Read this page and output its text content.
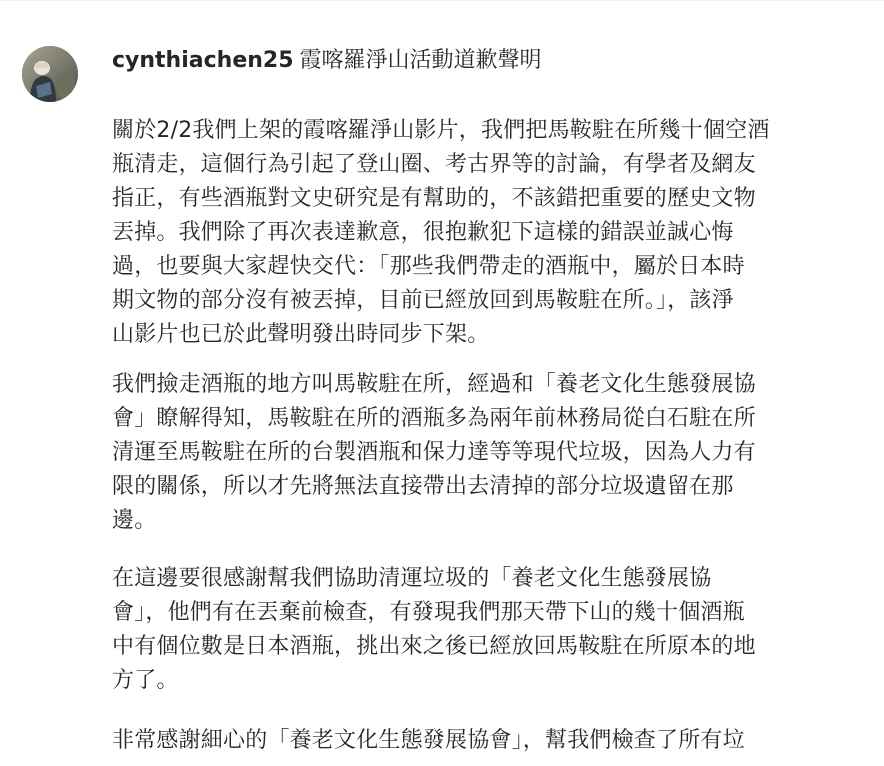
cynthiachen25 霞喀羅淨山活動道歉聲明

關於2/2我們上架的霞喀羅淨山影片，我們把馬鞍駐在所幾十個空酒
瓶清走，這個行為引起了登山圈、考古界等的討論，有學者及網友
指正，有些酒瓶對文史研究是有幫助的，不該錯把重要的歷史文物
丟掉。我們除了再次表達歉意，很抱歉犯下這樣的錯誤並誠心悔
過，也要與大家趕快交代：「那些我們帶走的酒瓶中，屬於日本時
期文物的部分沒有被丟掉，目前已經放回到馬鞍駐在所。」，該淨
山影片也已於此聲明發出時同步下架。

我們撿走酒瓶的地方叫馬鞍駐在所，經過和「養老文化生態發展協
會」瞭解得知，馬鞍駐在所的酒瓶多為兩年前林務局從白石駐在所
清運至馬鞍駐在所的台製酒瓶和保力達等等現代垃圾，因為人力有
限的關係，所以才先將無法直接帶出去清掉的部分垃圾遺留在那
邊。

在這邊要很感謝幫我們協助清運垃圾的「養老文化生態發展協
會」，他們有在丟棄前檢查，有發現我們那天帶下山的幾十個酒瓶
中有個位數是日本酒瓶，挑出來之後已經放回馬鞍駐在所原本的地
方了。

非常感謝細心的「養老文化生態發展協會」，幫我們檢查了所有垃
